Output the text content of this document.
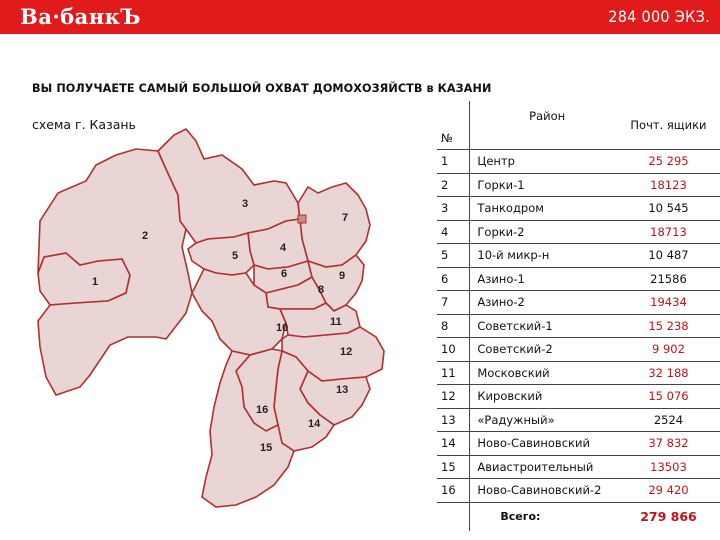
Ва·банкЪ	284 000 ЭКЗ.
ВЫ ПОЛУЧАЕТЕ САМЫЙ БОЛЬШОЙ ОХВАТ ДОМОХОЗЯЙСТВ в КАЗАНИ
схема г. Казань
1
2
3
4
5
6
7
8
9
10	11
12
13
14
15
16
№	Район	Почт. ящики
1	Центр	25 295
2	Горки-1	18123
3	Танкодром	10 545
4	Горки-2	18713
5	10-й микр-н	10 487
6	Азино-1	21586
7	Азино-2	19434
8	Советский-1	15 238
10	Советский-2	9 902
11	Московский	32 188
12	Кировский	15 076
13	«Радужный»	2524
14	Ново-Савиновский	37 832
15	Авиастроительный	13503
16	Ново-Савиновский-2	29 420
	Всего:	279 866
